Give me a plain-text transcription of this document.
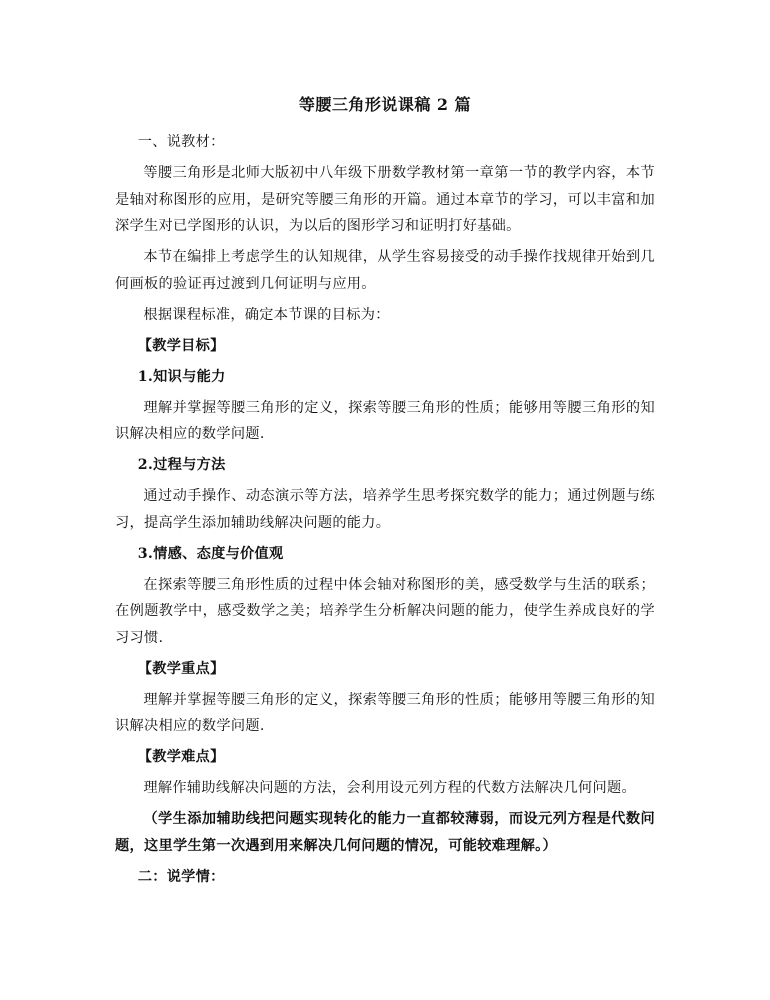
等腰三角形说课稿 2 篇

一、说教材：

等腰三角形是北师大版初中八年级下册数学教材第一章第一节的教学内容，本节是轴对称图形的应用，是研究等腰三角形的开篇。通过本章节的学习，可以丰富和加深学生对已学图形的认识，为以后的图形学习和证明打好基础。

本节在编排上考虑学生的认知规律，从学生容易接受的动手操作找规律开始到几何画板的验证再过渡到几何证明与应用。

根据课程标准，确定本节课的目标为：

【教学目标】

1.知识与能力

理解并掌握等腰三角形的定义，探索等腰三角形的性质；能够用等腰三角形的知识解决相应的数学问题.

2.过程与方法

通过动手操作、动态演示等方法，培养学生思考探究数学的能力；通过例题与练习，提高学生添加辅助线解决问题的能力。

3.情感、态度与价值观

在探索等腰三角形性质的过程中体会轴对称图形的美，感受数学与生活的联系；在例题教学中，感受数学之美；培养学生分析解决问题的能力，使学生养成良好的学习习惯.

【教学重点】

理解并掌握等腰三角形的定义，探索等腰三角形的性质；能够用等腰三角形的知识解决相应的数学问题.

【教学难点】

理解作辅助线解决问题的方法，会利用设元列方程的代数方法解决几何问题。

（学生添加辅助线把问题实现转化的能力一直都较薄弱，而设元列方程是代数问题，这里学生第一次遇到用来解决几何问题的情况，可能较难理解。）

二：说学情：
